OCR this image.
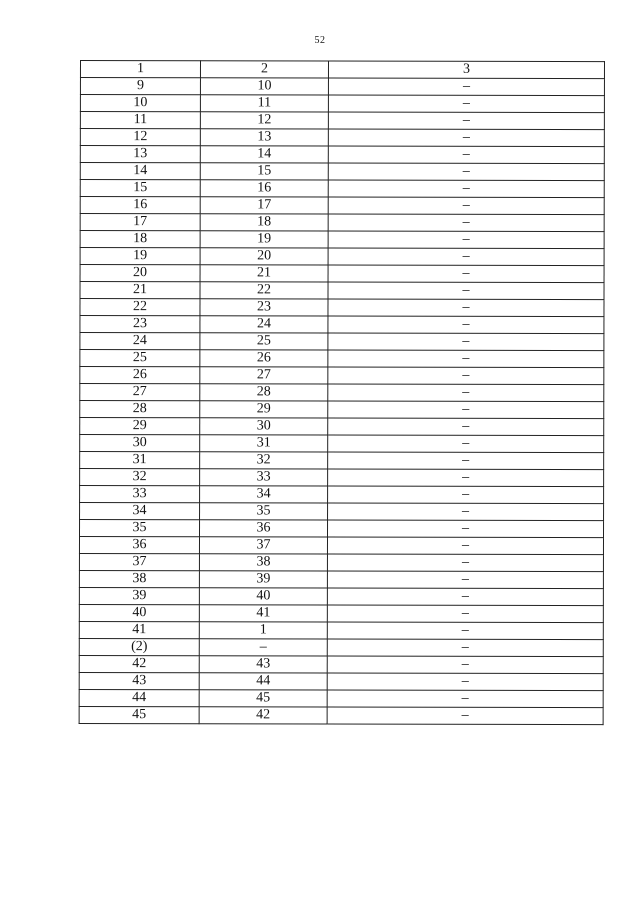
52
1	2	3
9	10	–
10	11	–
11	12	–
12	13	–
13	14	–
14	15	–
15	16	–
16	17	–
17	18	–
18	19	–
19	20	–
20	21	–
21	22	–
22	23	–
23	24	–
24	25	–
25	26	–
26	27	–
27	28	–
28	29	–
29	30	–
30	31	–
31	32	–
32	33	–
33	34	–
34	35	–
35	36	–
36	37	–
37	38	–
38	39	–
39	40	–
40	41	–
41	1	–
(2)	–	–
42	43	–
43	44	–
44	45	–
45	42	–
